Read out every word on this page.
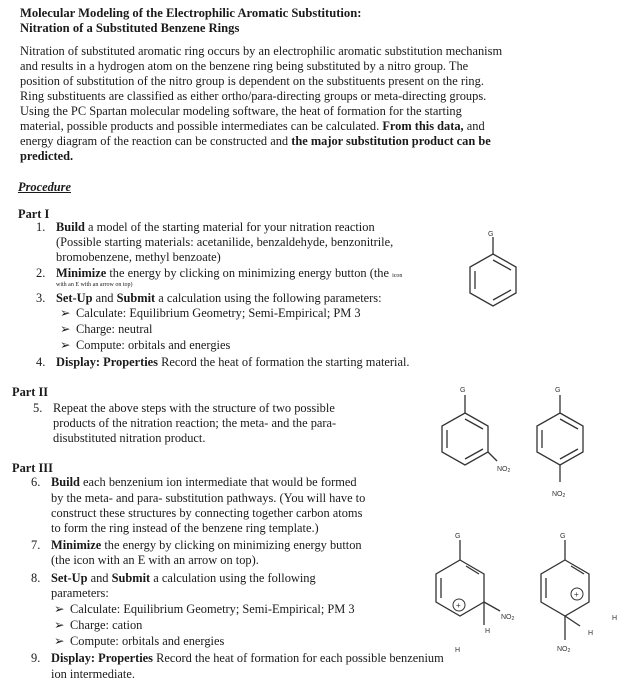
Molecular Modeling of the Electrophilic Aromatic Substitution:
Nitration of a Substituted Benzene Rings
Nitration of substituted aromatic ring occurs by an electrophilic aromatic substitution mechanism
and results in a hydrogen atom on the benzene ring being substituted by a nitro group. The
position of substitution of the nitro group is dependent on the substituents present on the ring.
Ring substituents are classified as either ortho/para-directing groups or meta-directing groups.
Using the PC Spartan molecular modeling software, the heat of formation for the starting
material, possible products and possible intermediates can be calculated. From this data, and
energy diagram of the reaction can be constructed and the major substitution product can be
predicted.
Procedure
Part I
1. Build a model of the starting material for your nitration reaction
(Possible starting materials: acetanilide, benzaldehyde, benzonitrile,
bromobenzene, methyl benzoate)
2. Minimize the energy by clicking on minimizing energy button (the icon
with an E with an arrow on top)
3. Set-Up and Submit a calculation using the following parameters:
➢ Calculate: Equilibrium Geometry; Semi-Empirical; PM 3
➢ Charge: neutral
➢ Compute: orbitals and energies
4. Display: Properties Record the heat of formation the starting material.
Part II
5. Repeat the above steps with the structure of two possible
products of the nitration reaction; the meta- and the para-
disubstituted nitration product.
Part III
6. Build each benzenium ion intermediate that would be formed
by the meta- and para- substitution pathways. (You will have to
construct these structures by connecting together carbon atoms
to form the ring instead of the benzene ring template.)
7. Minimize the energy by clicking on minimizing energy button
(the icon with an E with an arrow on top).
8. Set-Up and Submit a calculation using the following
parameters:
➢ Calculate: Equilibrium Geometry; Semi-Empirical; PM 3
➢ Charge: cation
➢ Compute: orbitals and energies
9. Display: Properties Record the heat of formation for each possible benzenium
ion intermediate.
G
G
NO2
G
NO2
G
+
NO2
H
H
G
+
H
H
NO2
